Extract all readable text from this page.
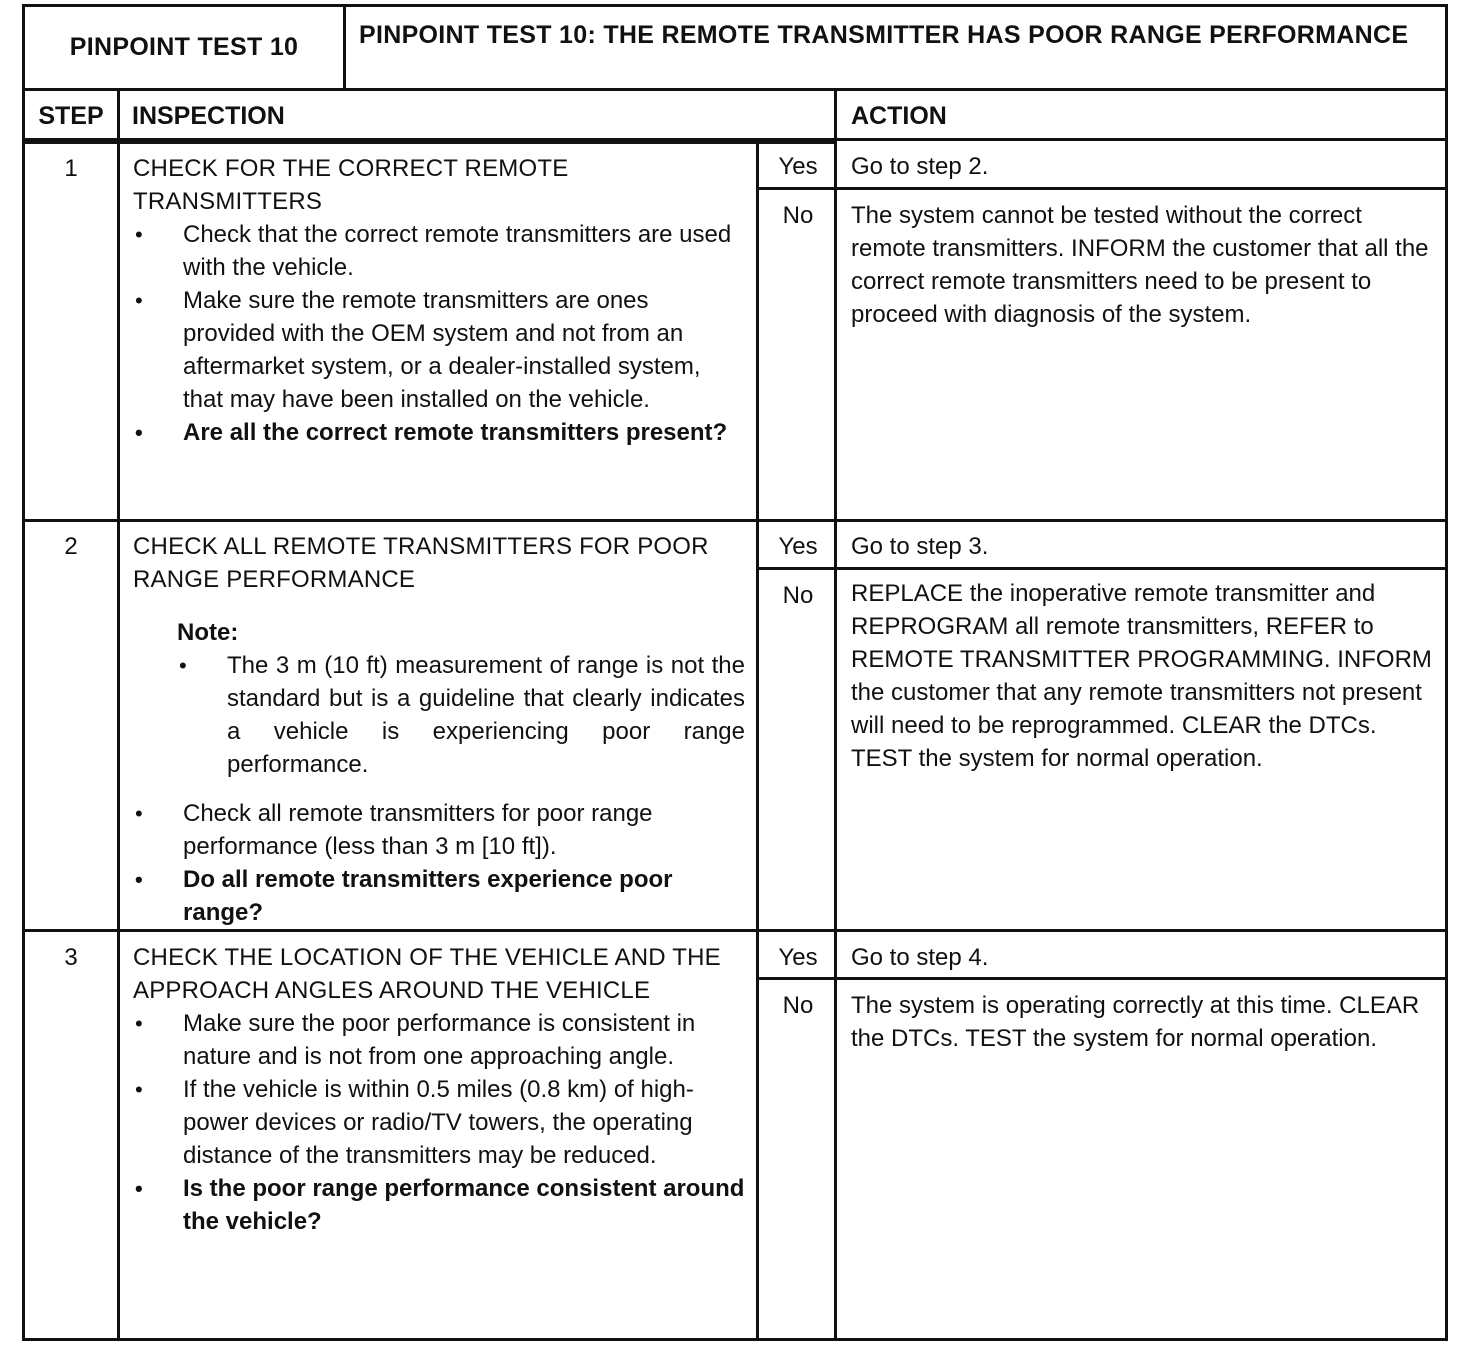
PINPOINT TEST 10	PINPOINT TEST 10: THE REMOTE TRANSMITTER HAS POOR RANGE PERFORMANCE
STEP	INSPECTION	ACTION
1	CHECK FOR THE CORRECT REMOTE TRANSMITTERS
• Check that the correct remote transmitters are used with the vehicle.
• Make sure the remote transmitters are ones provided with the OEM system and not from an aftermarket system, or a dealer-installed system, that may have been installed on the vehicle.
• Are all the correct remote transmitters present?
Yes	Go to step 2.
No	The system cannot be tested without the correct remote transmitters. INFORM the customer that all the correct remote transmitters need to be present to proceed with diagnosis of the system.
2	CHECK ALL REMOTE TRANSMITTERS FOR POOR RANGE PERFORMANCE
Note:
• The 3 m (10 ft) measurement of range is not the standard but is a guideline that clearly indicates a vehicle is experiencing poor range performance.
• Check all remote transmitters for poor range performance (less than 3 m [10 ft]).
• Do all remote transmitters experience poor range?
Yes	Go to step 3.
No	REPLACE the inoperative remote transmitter and REPROGRAM all remote transmitters, REFER to REMOTE TRANSMITTER PROGRAMMING. INFORM the customer that any remote transmitters not present will need to be reprogrammed. CLEAR the DTCs. TEST the system for normal operation.
3	CHECK THE LOCATION OF THE VEHICLE AND THE APPROACH ANGLES AROUND THE VEHICLE
• Make sure the poor performance is consistent in nature and is not from one approaching angle.
• If the vehicle is within 0.5 miles (0.8 km) of high-power devices or radio/TV towers, the operating distance of the transmitters may be reduced.
• Is the poor range performance consistent around the vehicle?
Yes	Go to step 4.
No	The system is operating correctly at this time. CLEAR the DTCs. TEST the system for normal operation.
